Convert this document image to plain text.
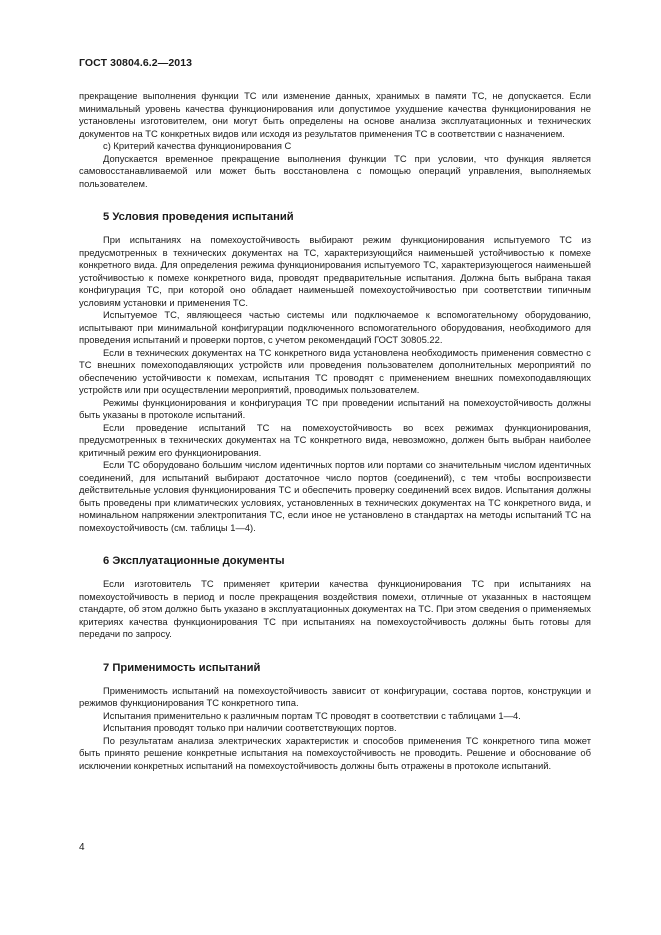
ГОСТ 30804.6.2—2013

прекращение выполнения функции ТС или изменение данных, хранимых в памяти ТС, не допускается. Если минимальный уровень качества функционирования или допустимое ухудшение качества функционирования не установлены изготовителем, они могут быть определены на основе анализа эксплуатационных и технических документов на ТС конкретных видов или исходя из результатов применения ТС в соответствии с назначением.

c) Критерий качества функционирования С

Допускается временное прекращение выполнения функции ТС при условии, что функция является самовосстанавливаемой или может быть восстановлена с помощью операций управления, выполняемых пользователем.

5 Условия проведения испытаний

При испытаниях на помехоустойчивость выбирают режим функционирования испытуемого ТС из предусмотренных в технических документах на ТС, характеризующийся наименьшей устойчивостью к помехе конкретного вида. Для определения режима функционирования испытуемого ТС, характеризующегося наименьшей устойчивостью к помехе конкретного вида, проводят предварительные испытания. Должна быть выбрана такая конфигурация ТС, при которой оно обладает наименьшей помехоустойчивостью при соответствии типичным условиям установки и применения ТС.

Испытуемое ТС, являющееся частью системы или подключаемое к вспомогательному оборудованию, испытывают при минимальной конфигурации подключенного вспомогательного оборудования, необходимого для проведения испытаний и проверки портов, с учетом рекомендаций ГОСТ 30805.22.

Если в технических документах на ТС конкретного вида установлена необходимость применения совместно с ТС внешних помехоподавляющих устройств или проведения пользователем дополнительных мероприятий по обеспечению устойчивости к помехам, испытания ТС проводят с применением внешних помехоподавляющих устройств или при осуществлении мероприятий, проводимых пользователем.

Режимы функционирования и конфигурация ТС при проведении испытаний на помехоустойчивость должны быть указаны в протоколе испытаний.

Если проведение испытаний ТС на помехоустойчивость во всех режимах функционирования, предусмотренных в технических документах на ТС конкретного вида, невозможно, должен быть выбран наиболее критичный режим его функционирования.

Если ТС оборудовано большим числом идентичных портов или портами со значительным числом идентичных соединений, для испытаний выбирают достаточное число портов (соединений), с тем чтобы воспроизвести действительные условия функционирования ТС и обеспечить проверку соединений всех видов. Испытания должны быть проведены при климатических условиях, установленных в технических документах на ТС конкретного вида, и номинальном напряжении электропитания ТС, если иное не установлено в стандартах на методы испытаний ТС на помехоустойчивость (см. таблицы 1—4).

6 Эксплуатационные документы

Если изготовитель ТС применяет критерии качества функционирования ТС при испытаниях на помехоустойчивость в период и после прекращения воздействия помехи, отличные от указанных в настоящем стандарте, об этом должно быть указано в эксплуатационных документах на ТС. При этом сведения о применяемых критериях качества функционирования ТС при испытаниях на помехоустойчивость должны быть готовы для передачи по запросу.

7 Применимость испытаний

Применимость испытаний на помехоустойчивость зависит от конфигурации, состава портов, конструкции и режимов функционирования ТС конкретного типа.

Испытания применительно к различным портам ТС проводят в соответствии с таблицами 1—4.

Испытания проводят только при наличии соответствующих портов.

По результатам анализа электрических характеристик и способов применения ТС конкретного типа может быть принято решение конкретные испытания на помехоустойчивость не проводить. Решение и обоснование об исключении конкретных испытаний на помехоустойчивость должны быть отражены в протоколе испытаний.

4
